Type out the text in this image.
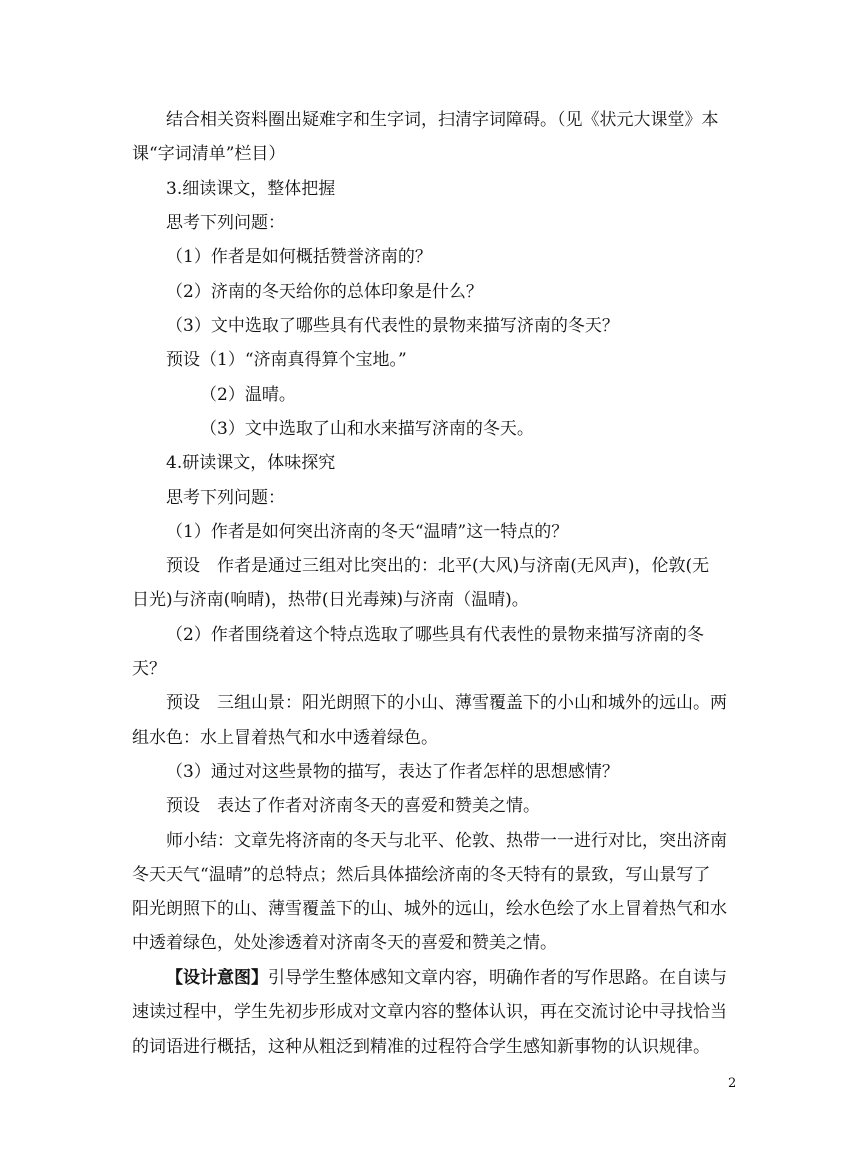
结合相关资料圈出疑难字和生字词，扫清字词障碍。（见《状元大课堂》本
课“字词清单”栏目）
3.细读课文，整体把握
思考下列问题：
（1）作者是如何概括赞誉济南的？
（2）济南的冬天给你的总体印象是什么？
（3）文中选取了哪些具有代表性的景物来描写济南的冬天？
预设（1）“济南真得算个宝地。”
（2）温晴。
（3）文中选取了山和水来描写济南的冬天。
4.研读课文，体味探究
思考下列问题：
（1）作者是如何突出济南的冬天“温晴”这一特点的？
预设　作者是通过三组对比突出的：北平(大风)与济南(无风声)，伦敦(无
日光)与济南(响晴)，热带(日光毒辣)与济南（温晴)。
（2）作者围绕着这个特点选取了哪些具有代表性的景物来描写济南的冬
天？
预设　三组山景：阳光朗照下的小山、薄雪覆盖下的小山和城外的远山。两
组水色：水上冒着热气和水中透着绿色。
（3）通过对这些景物的描写，表达了作者怎样的思想感情？
预设　表达了作者对济南冬天的喜爱和赞美之情。
师小结：文章先将济南的冬天与北平、伦敦、热带一一进行对比，突出济南
冬天天气“温晴”的总特点；然后具体描绘济南的冬天特有的景致，写山景写了
阳光朗照下的山、薄雪覆盖下的山、城外的远山，绘水色绘了水上冒着热气和水
中透着绿色，处处渗透着对济南冬天的喜爱和赞美之情。
【设计意图】引导学生整体感知文章内容，明确作者的写作思路。在自读与
速读过程中，学生先初步形成对文章内容的整体认识，再在交流讨论中寻找恰当
的词语进行概括，这种从粗泛到精准的过程符合学生感知新事物的认识规律。
2
